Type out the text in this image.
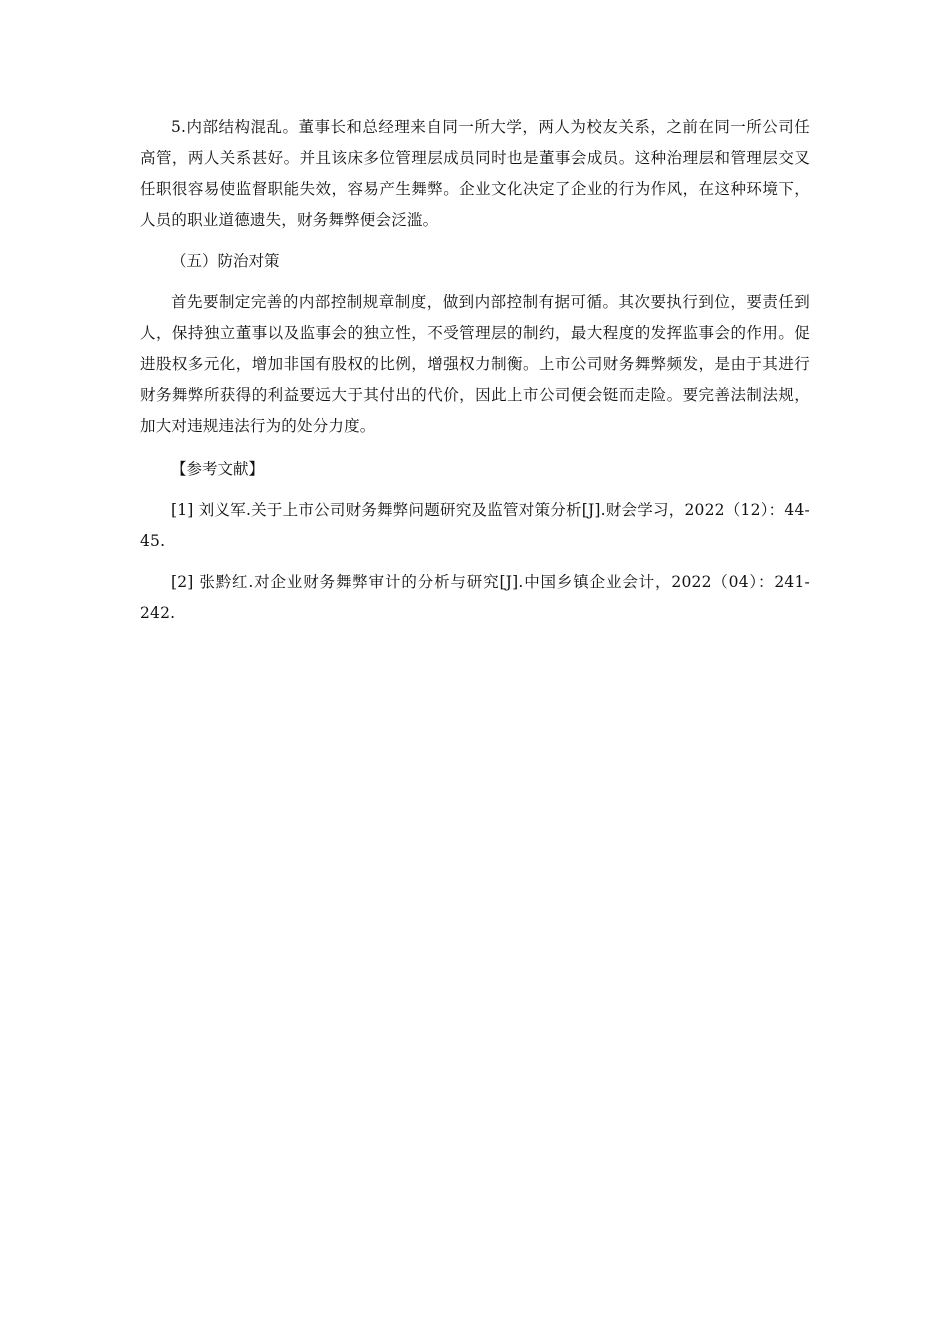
5.内部结构混乱。董事长和总经理来自同一所大学，两人为校友关系，之前在同一所公司任高管，两人关系甚好。并且该床多位管理层成员同时也是董事会成员。这种治理层和管理层交叉任职很容易使监督职能失效，容易产生舞弊。企业文化决定了企业的行为作风，在这种环境下，人员的职业道德遗失，财务舞弊便会泛滥。

（五）防治对策

首先要制定完善的内部控制规章制度，做到内部控制有据可循。其次要执行到位，要责任到人，保持独立董事以及监事会的独立性，不受管理层的制约，最大程度的发挥监事会的作用。促进股权多元化，增加非国有股权的比例，增强权力制衡。上市公司财务舞弊频发，是由于其进行财务舞弊所获得的利益要远大于其付出的代价，因此上市公司便会铤而走险。要完善法制法规，加大对违规违法行为的处分力度。

【参考文献】

[1] 刘义军.关于上市公司财务舞弊问题研究及监管对策分析[J].财会学习，2022（12）：44-45.
[2] 张黔红.对企业财务舞弊审计的分析与研究[J].中国乡镇企业会计，2022（04）：241-242.
